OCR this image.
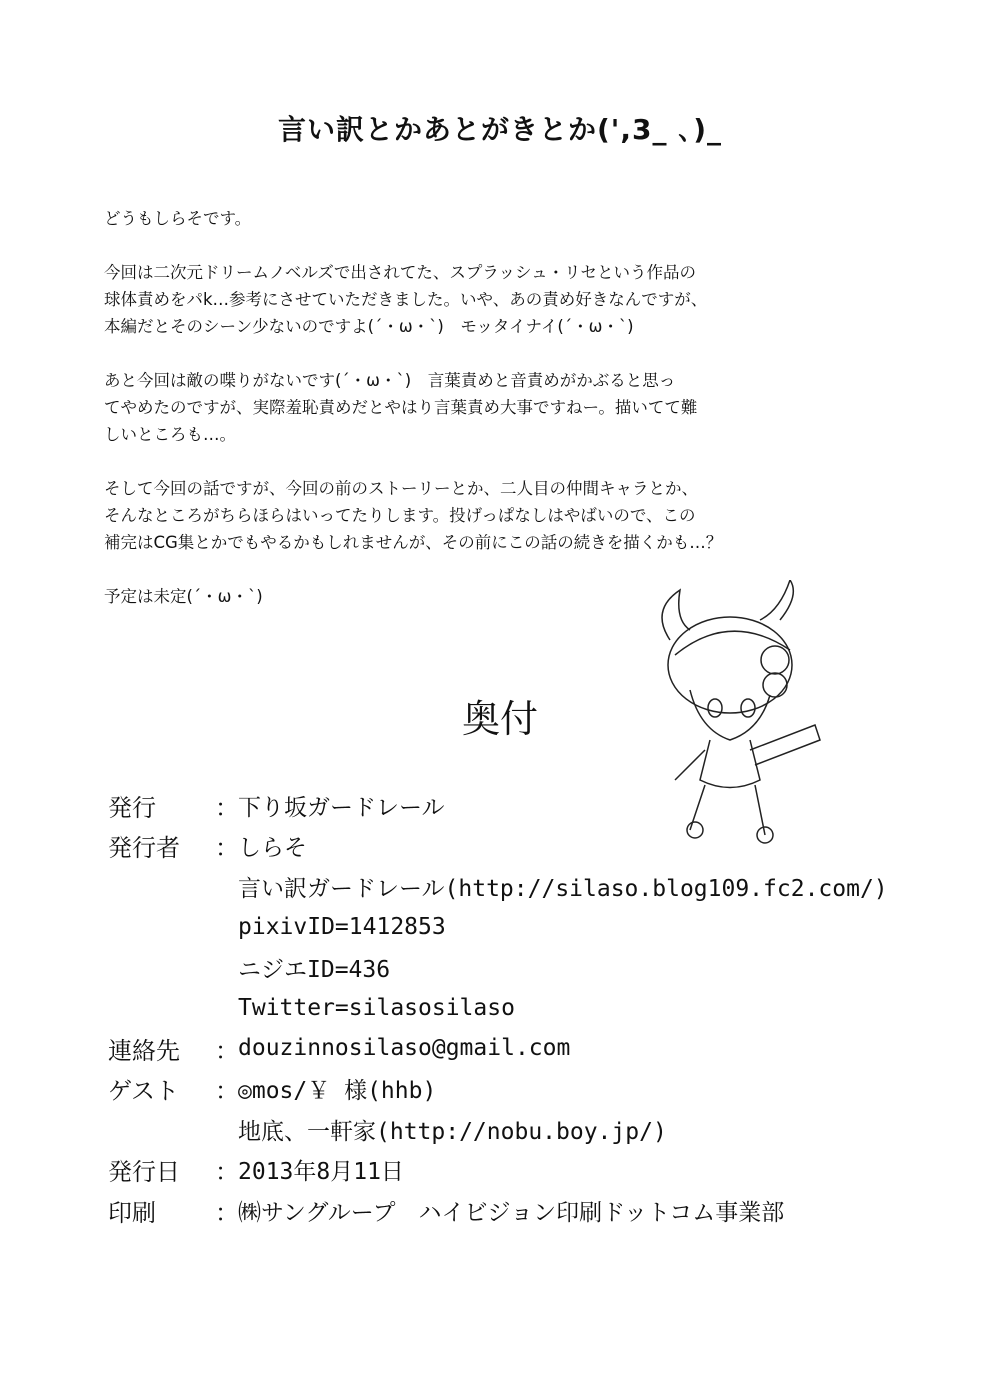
言い訳とかあとがきとか(',3_ ､)_

どうもしらそです。

今回は二次元ドリームノベルズで出されてた、スプラッシュ・リセという作品の
球体責めをパk…参考にさせていただきました。いや、あの責め好きなんですが、
本編だとそのシーン少ないのですよ(´・ω・`)　モッタイナイ(´・ω・`)

あと今回は敵の喋りがないです(´・ω・`)　言葉責めと音責めがかぶると思っ
てやめたのですが、実際羞恥責めだとやはり言葉責め大事ですねー。描いてて難
しいところも…。

そして今回の話ですが、今回の前のストーリーとか、二人目の仲間キャラとか、
そんなところがちらほらはいってたりします。投げっぱなしはやばいので、この
補完はCG集とかでもやるかもしれませんが、その前にこの話の続きを描くかも…？

予定は未定(´・ω・`)

奥付
発行	： 下り坂ガードレール
発行者	： しらそ
言い訳ガードレール(http://silaso.blog109.fc2.com/)
pixivID=1412853
ニジエID=436
Twitter=silasosilaso
連絡先	： douzinnosilaso@gmail.com
ゲスト	： ◎mos/￥ 様(hhb)
地底、一軒家(http://nobu.boy.jp/)
発行日	： 2013年8月11日
印刷	： ㈱サングループ　ハイビジョン印刷ドットコム事業部
